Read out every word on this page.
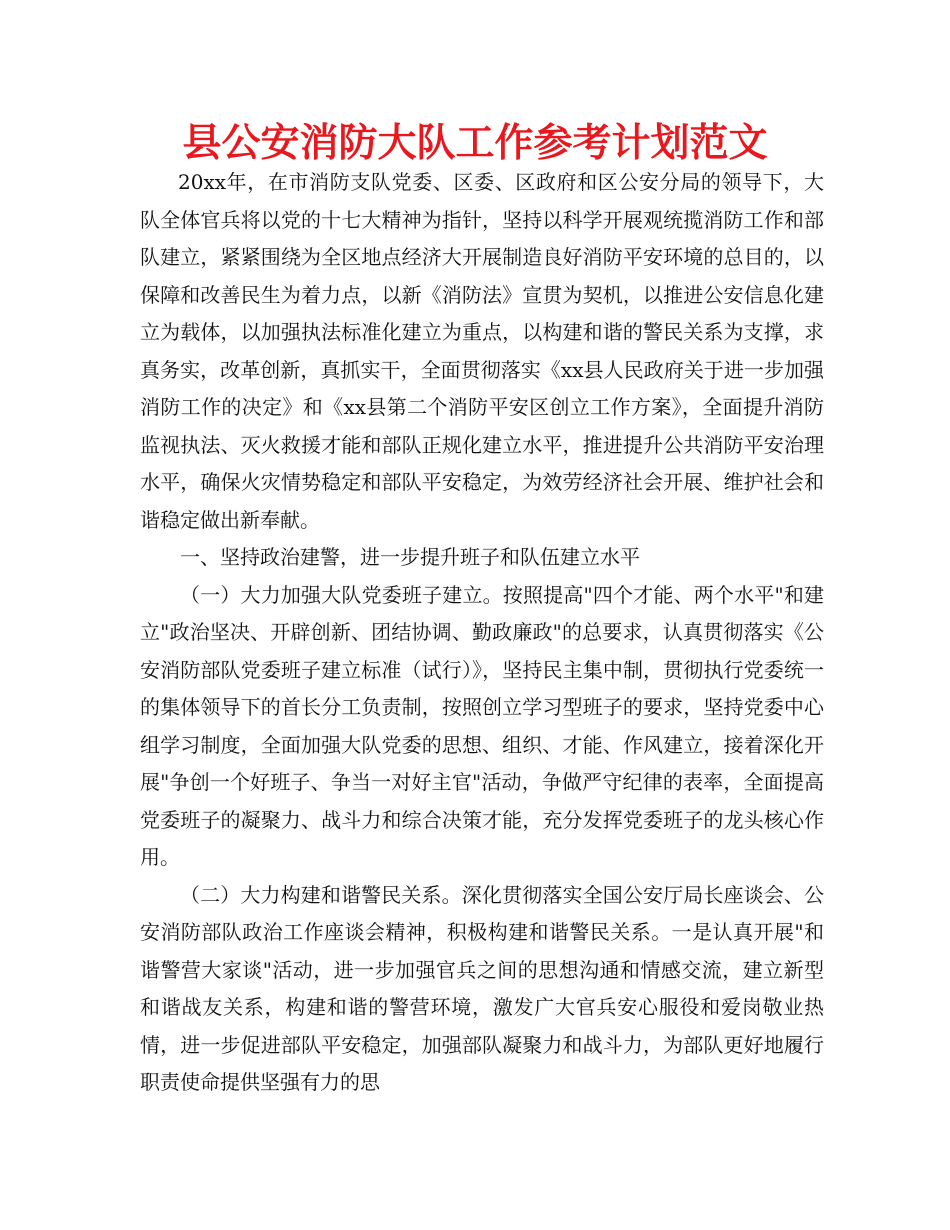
县公安消防大队工作参考计划范文

20xx年，在市消防支队党委、区委、区政府和区公安分局的领导下，大队全体官兵将以党的十七大精神为指针，坚持以科学开展观统揽消防工作和部队建立，紧紧围绕为全区地点经济大开展制造良好消防平安环境的总目的，以保障和改善民生为着力点，以新《消防法》宣贯为契机，以推进公安信息化建立为载体，以加强执法标准化建立为重点，以构建和谐的警民关系为支撑，求真务实，改革创新，真抓实干，全面贯彻落实《xx县人民政府关于进一步加强消防工作的决定》和《xx县第二个消防平安区创立工作方案》，全面提升消防监视执法、灭火救援才能和部队正规化建立水平，推进提升公共消防平安治理水平，确保火灾情势稳定和部队平安稳定，为效劳经济社会开展、维护社会和谐稳定做出新奉献。

一、坚持政治建警，进一步提升班子和队伍建立水平

（一）大力加强大队党委班子建立。按照提高"四个才能、两个水平"和建立"政治坚决、开辟创新、团结协调、勤政廉政"的总要求，认真贯彻落实《公安消防部队党委班子建立标准（试行）》，坚持民主集中制，贯彻执行党委统一的集体领导下的首长分工负责制，按照创立学习型班子的要求，坚持党委中心组学习制度，全面加强大队党委的思想、组织、才能、作风建立，接着深化开展"争创一个好班子、争当一对好主官"活动，争做严守纪律的表率，全面提高党委班子的凝聚力、战斗力和综合决策才能，充分发挥党委班子的龙头核心作用。

（二）大力构建和谐警民关系。深化贯彻落实全国公安厅局长座谈会、公安消防部队政治工作座谈会精神，积极构建和谐警民关系。一是认真开展"和谐警营大家谈"活动，进一步加强官兵之间的思想沟通和情感交流，建立新型和谐战友关系，构建和谐的警营环境，激发广大官兵安心服役和爱岗敬业热情，进一步促进部队平安稳定，加强部队凝聚力和战斗力，为部队更好地履行职责使命提供坚强有力的思
